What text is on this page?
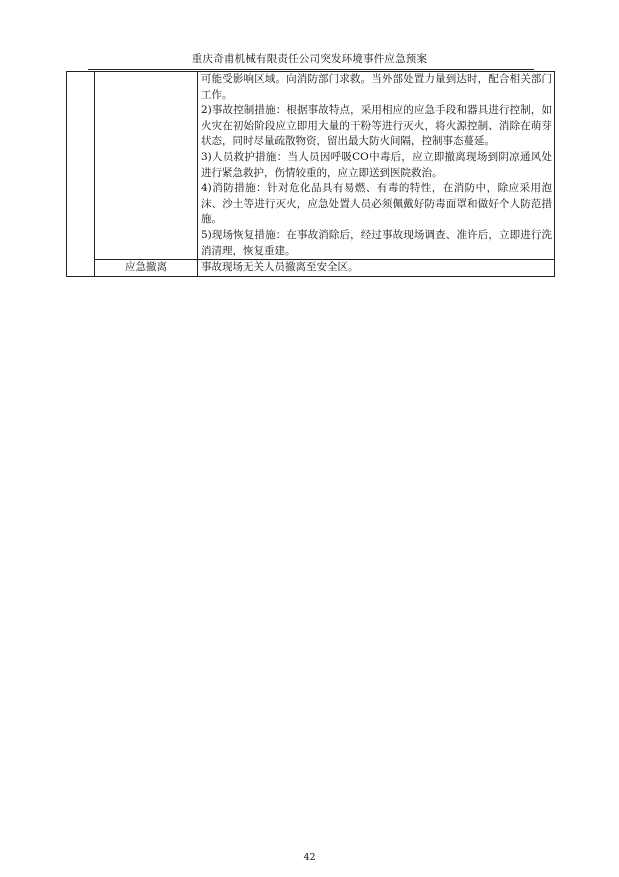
重庆奇甫机械有限责任公司突发环境事件应急预案

		可能受影响区域。向消防部门求救。当外部处置力量到达时，配合相关部门工作。

2)事故控制措施：根据事故特点，采用相应的应急手段和器具进行控制，如火灾在初始阶段应立即用大量的干粉等进行灭火，将火源控制、消除在萌芽状态，同时尽量疏散物资，留出最大防火间隔，控制事态蔓延。

3)人员救护措施：当人员因呼吸CO中毒后，应立即撤离现场到阴凉通风处进行紧急救护，伤情较重的，应立即送到医院救治。

4)消防措施：针对危化品具有易燃、有毒的特性，在消防中，除应采用泡沫、沙土等进行灭火，应急处置人员必须佩戴好防毒面罩和做好个人防范措施。

5)现场恢复措施：在事故消除后，经过事故现场调查、准许后，立即进行洗消清理，恢复重建。

	应急撤离	事故现场无关人员撤离至安全区。
42
